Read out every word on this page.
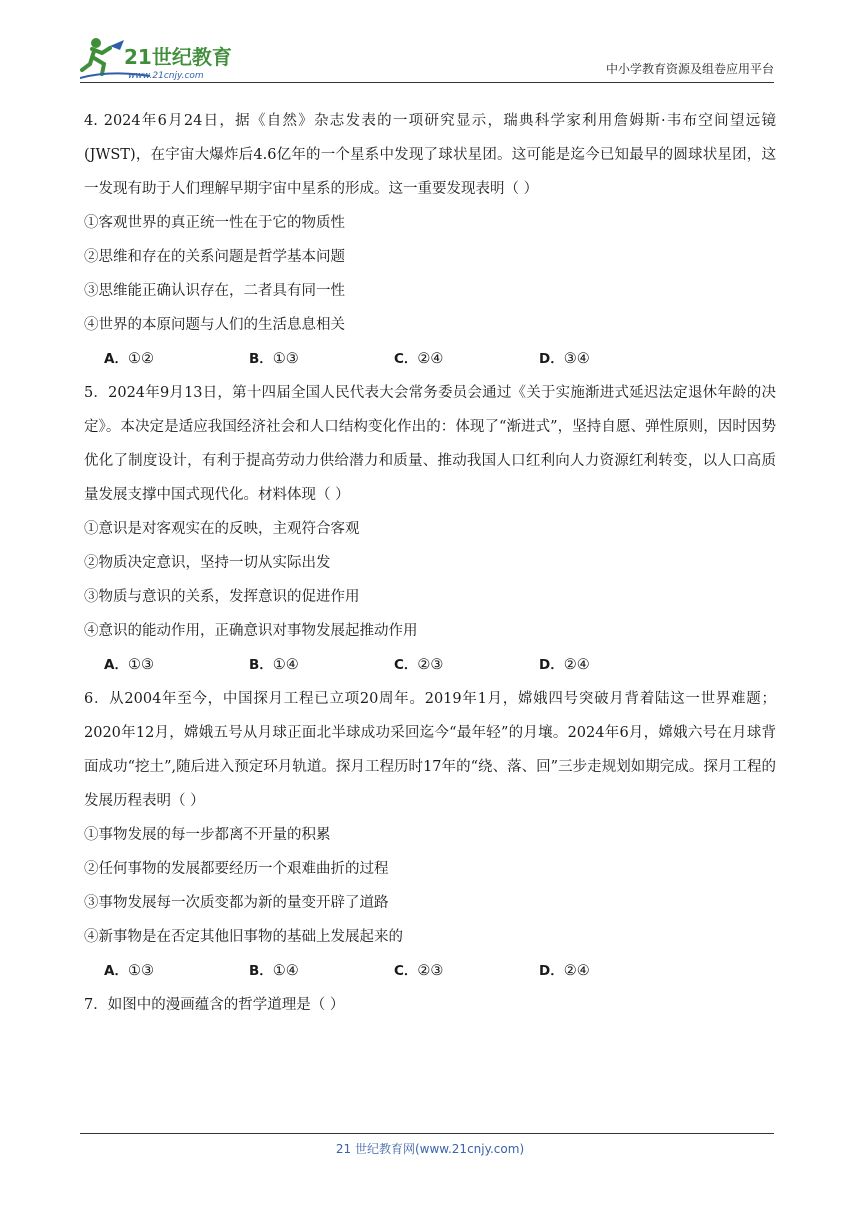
21世纪教育
www.21cnjy.com	中小学教育资源及组卷应用平台

4. 2024年6月24日，据《自然》杂志发表的一项研究显示，瑞典科学家利用詹姆斯·韦布空间望远镜(JWST)，在宇宙大爆炸后4.6亿年的一个星系中发现了球状星团。这可能是迄今已知最早的圆球状星团，这一发现有助于人们理解早期宇宙中星系的形成。这一重要发现表明（ ）

①客观世界的真正统一性在于它的物质性

②思维和存在的关系问题是哲学基本问题

③思维能正确认识存在，二者具有同一性

④世界的本原问题与人们的生活息息相关

A．①②	B．①③	C．②④	D．③④

5．2024年9月13日，第十四届全国人民代表大会常务委员会通过《关于实施渐进式延迟法定退休年龄的决定》。本决定是适应我国经济社会和人口结构变化作出的：体现了“渐进式”，坚持自愿、弹性原则，因时因势优化了制度设计，有利于提高劳动力供给潜力和质量、推动我国人口红利向人力资源红利转变，以人口高质量发展支撑中国式现代化。材料体现（ ）

①意识是对客观实在的反映，主观符合客观

②物质决定意识，坚持一切从实际出发

③物质与意识的关系，发挥意识的促进作用

④意识的能动作用，正确意识对事物发展起推动作用

A．①③	B．①④	C．②③	D．②④

6．从2004年至今，中国探月工程已立项20周年。2019年1月，嫦娥四号突破月背着陆这一世界难题；2020年12月，嫦娥五号从月球正面北半球成功采回迄今“最年轻”的月壤。2024年6月，嫦娥六号在月球背面成功“挖土”,随后进入预定环月轨道。探月工程历时17年的“绕、落、回”三步走规划如期完成。探月工程的发展历程表明（ ）

①事物发展的每一步都离不开量的积累

②任何事物的发展都要经历一个艰难曲折的过程

③事物发展每一次质变都为新的量变开辟了道路

④新事物是在否定其他旧事物的基础上发展起来的

A．①③	B．①④	C．②③	D．②④

7．如图中的漫画蕴含的哲学道理是（ ）

21 世纪教育网(www.21cnjy.com)
